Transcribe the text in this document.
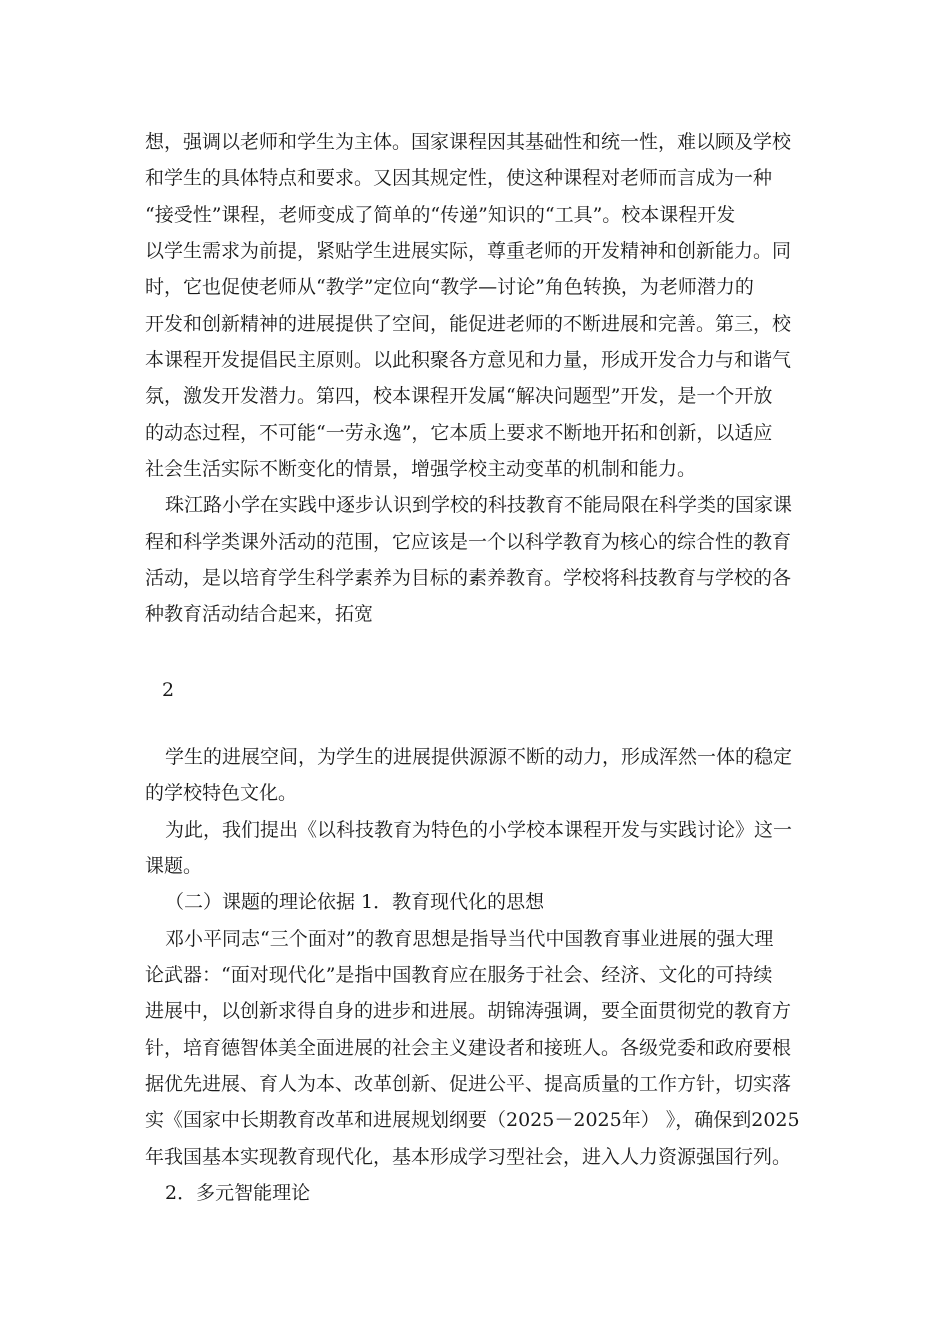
想，强调以老师和学生为主体。国家课程因其基础性和统一性，难以顾及学校
和学生的具体特点和要求。又因其规定性，使这种课程对老师而言成为一种
“接受性”课程，老师变成了简单的“传递”知识的“工具”。校本课程开发
以学生需求为前提，紧贴学生进展实际，尊重老师的开发精神和创新能力。同
时，它也促使老师从“教学”定位向“教学—讨论”角色转换，为老师潜力的
开发和创新精神的进展提供了空间，能促进老师的不断进展和完善。第三，校
本课程开发提倡民主原则。以此积聚各方意见和力量，形成开发合力与和谐气
氛，激发开发潜力。第四，校本课程开发属“解决问题型”开发，是一个开放
的动态过程，不可能“一劳永逸”，它本质上要求不断地开拓和创新，以适应
社会生活实际不断变化的情景，增强学校主动变革的机制和能力。
珠江路小学在实践中逐步认识到学校的科技教育不能局限在科学类的国家课
程和科学类课外活动的范围，它应该是一个以科学教育为核心的综合性的教育
活动，是以培育学生科学素养为目标的素养教育。学校将科技教育与学校的各
种教育活动结合起来，拓宽
2
学生的进展空间，为学生的进展提供源源不断的动力，形成浑然一体的稳定
的学校特色文化。
为此，我们提出《以科技教育为特色的小学校本课程开发与实践讨论》这一
课题。
（二）课题的理论依据 1．教育现代化的思想
邓小平同志“三个面对”的教育思想是指导当代中国教育事业进展的强大理
论武器：“面对现代化”是指中国教育应在服务于社会、经济、文化的可持续
进展中，以创新求得自身的进步和进展。胡锦涛强调，要全面贯彻党的教育方
针，培育德智体美全面进展的社会主义建设者和接班人。各级党委和政府要根
据优先进展、育人为本、改革创新、促进公平、提高质量的工作方针，切实落
实《国家中长期教育改革和进展规划纲要（2025－2025年） 》，确保到2025
年我国基本实现教育现代化，基本形成学习型社会，进入人力资源强国行列。
2．多元智能理论
